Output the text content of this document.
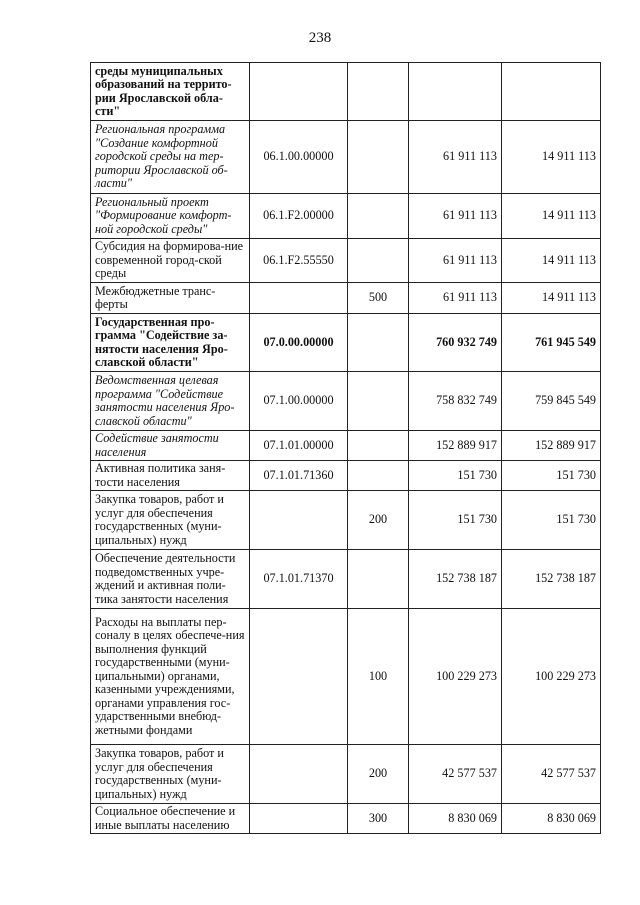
238
среды муниципальных образований на террито-рии Ярославской обла-сти"				
Региональная программа "Создание комфортной городской среды на тер-ритории Ярославской об-ласти"	06.1.00.00000		61 911 113	14 911 113
Региональный проект "Формирование комфорт-ной городской среды"	06.1.F2.00000		61 911 113	14 911 113
Субсидия на формирова-ние современной город-ской среды	06.1.F2.55550		61 911 113	14 911 113
Межбюджетные транс-ферты		500	61 911 113	14 911 113
Государственная про-грамма "Содействие за-нятости населения Яро-славской области"	07.0.00.00000		760 932 749	761 945 549
Ведомственная целевая программа "Содействие занятости населения Яро-славской области"	07.1.00.00000		758 832 749	759 845 549
Содействие занятости населения	07.1.01.00000		152 889 917	152 889 917
Активная политика заня-тости населения	07.1.01.71360		151 730	151 730
Закупка товаров, работ и услуг для обеспечения государственных (муни-ципальных) нужд		200	151 730	151 730
Обеспечение деятельности подведомственных учре-ждений и активная поли-тика занятости населения	07.1.01.71370		152 738 187	152 738 187
Расходы на выплаты пер-соналу в целях обеспече-ния выполнения функций государственными (муни-ципальными) органами, казенными учреждениями, органами управления гос-ударственными внебюд-жетными фондами		100	100 229 273	100 229 273
Закупка товаров, работ и услуг для обеспечения государственных (муни-ципальных) нужд		200	42 577 537	42 577 537
Социальное обеспечение и иные выплаты населению		300	8 830 069	8 830 069
